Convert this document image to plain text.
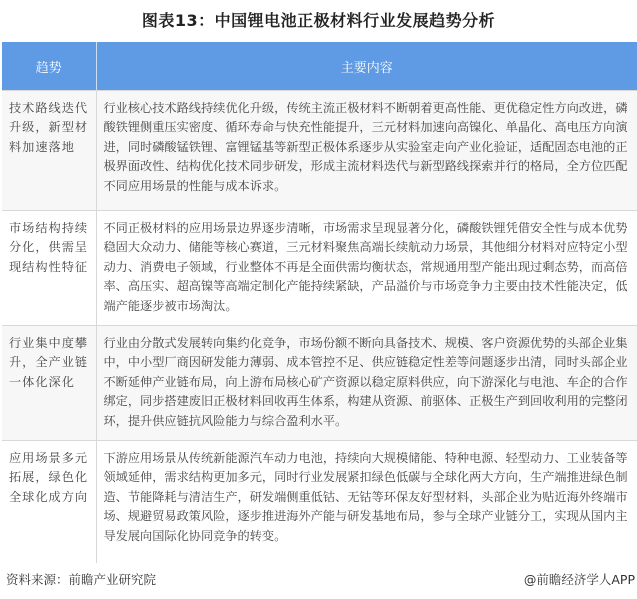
图表13：中国锂电池正极材料行业发展趋势分析
趋势	主要内容
技术路线迭代升级，新型材料加速落地	行业核心技术路线持续优化升级，传统主流正极材料不断朝着更高性能、更优稳定性方向改进，磷酸铁锂侧重压实密度、循环寿命与快充性能提升，三元材料加速向高镍化、单晶化、高电压方向演进，同时磷酸锰铁锂、富锂锰基等新型正极体系逐步从实验室走向产业化验证，适配固态电池的正极界面改性、结构优化技术同步研发，形成主流材料迭代与新型路线探索并行的格局，全方位匹配不同应用场景的性能与成本诉求。
市场结构持续分化，供需呈现结构性特征	不同正极材料的应用场景边界逐步清晰，市场需求呈现显著分化，磷酸铁锂凭借安全性与成本优势稳固大众动力、储能等核心赛道，三元材料聚焦高端长续航动力场景，其他细分材料对应特定小型动力、消费电子领域，行业整体不再是全面供需均衡状态，常规通用型产能出现过剩态势，而高倍率、高压实、超高镍等高端定制化产能持续紧缺，产品溢价与市场竞争力主要由技术性能决定，低端产能逐步被市场淘汰。
行业集中度攀升，全产业链一体化深化	行业由分散式发展转向集约化竞争，市场份额不断向具备技术、规模、客户资源优势的头部企业集中，中小型厂商因研发能力薄弱、成本管控不足、供应链稳定性差等问题逐步出清，同时头部企业不断延伸产业链布局，向上游布局核心矿产资源以稳定原料供应，向下游深化与电池、车企的合作绑定，同步搭建废旧正极材料回收再生体系，构建从资源、前驱体、正极生产到回收利用的完整闭环，提升供应链抗风险能力与综合盈利水平。
应用场景多元拓展，绿色化全球化成方向	下游应用场景从传统新能源汽车动力电池，持续向大规模储能、特种电源、轻型动力、工业装备等领域延伸，需求结构更加多元，同时行业发展紧扣绿色低碳与全球化两大方向，生产端推进绿色制造、节能降耗与清洁生产，研发端侧重低钴、无钴等环保友好型材料，头部企业为贴近海外终端市场、规避贸易政策风险，逐步推进海外产能与研发基地布局，参与全球产业链分工，实现从国内主导发展向国际化协同竞争的转变。
资料来源：前瞻产业研究院	@前瞻经济学人APP
